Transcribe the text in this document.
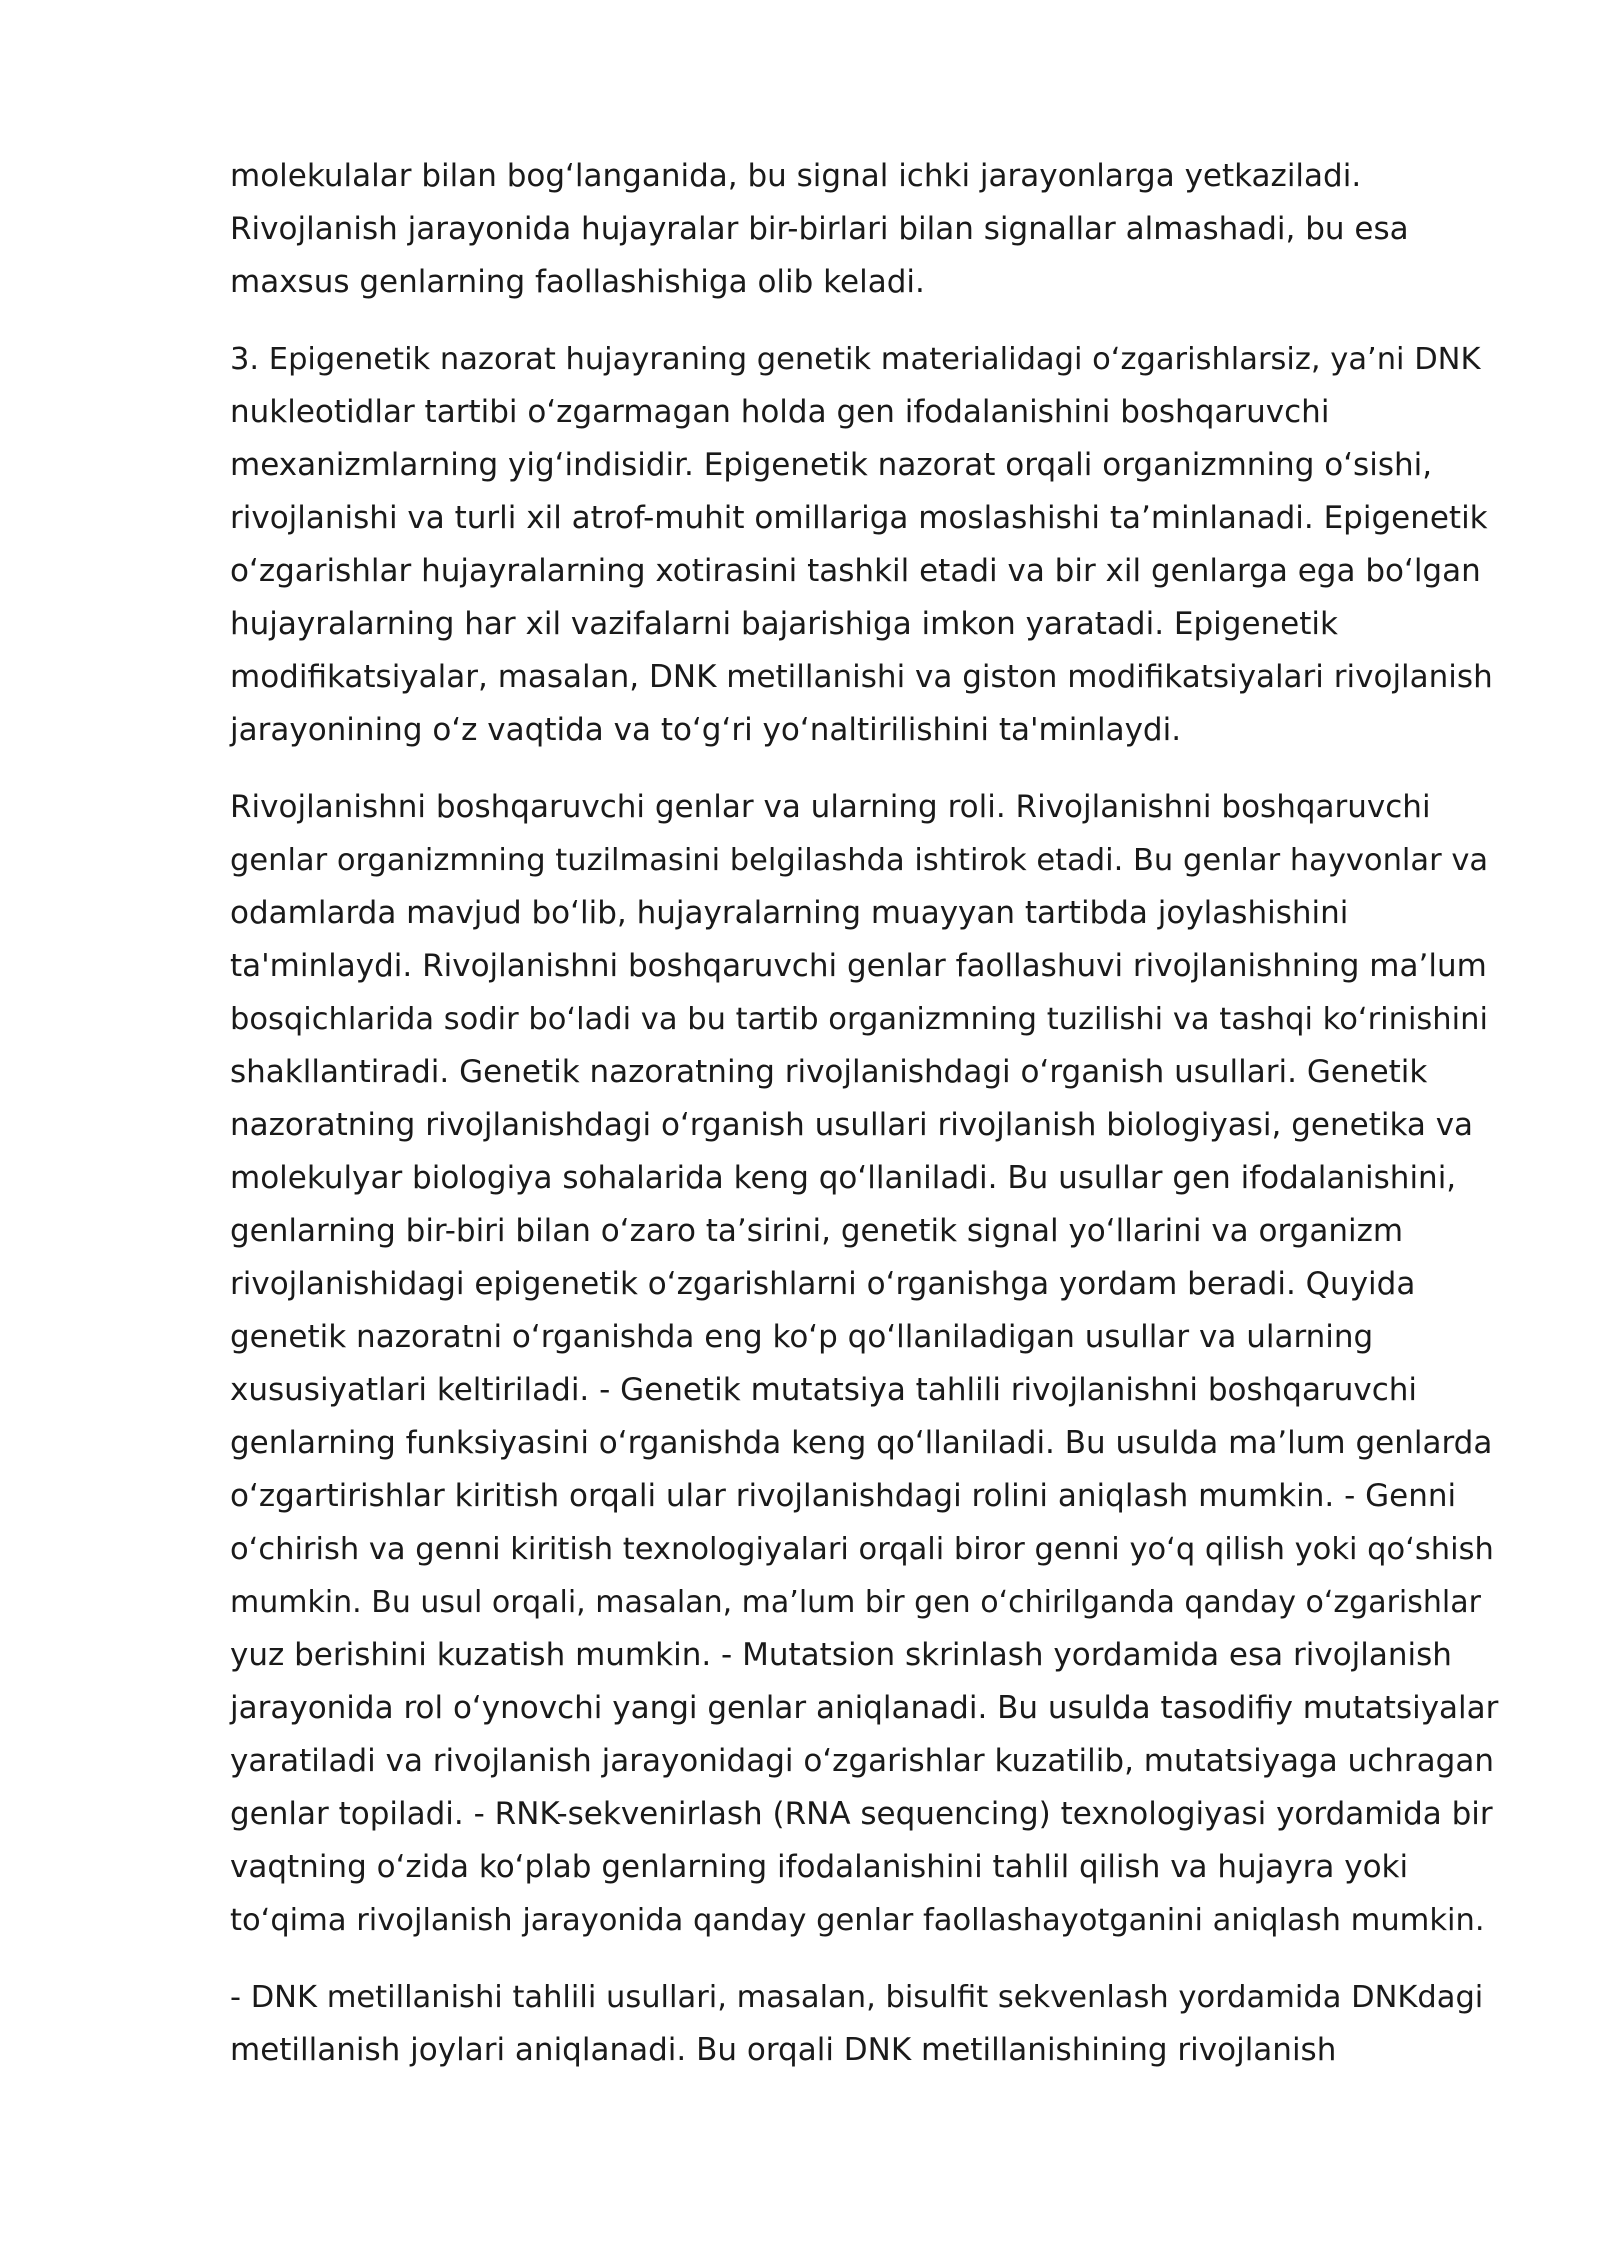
molekulalar bilan bogʻlanganida, bu signal ichki jarayonlarga yetkaziladi.
Rivojlanish jarayonida hujayralar bir-birlari bilan signallar almashadi, bu esa
maxsus genlarning faollashishiga olib keladi.
3. Epigenetik nazorat hujayraning genetik materialidagi oʻzgarishlarsiz, yaʼni DNK
nukleotidlar tartibi oʻzgarmagan holda gen ifodalanishini boshqaruvchi
mexanizmlarning yigʻindisidir. Epigenetik nazorat orqali organizmning oʻsishi,
rivojlanishi va turli xil atrof-muhit omillariga moslashishi taʼminlanadi. Epigenetik
oʻzgarishlar hujayralarning xotirasini tashkil etadi va bir xil genlarga ega boʻlgan
hujayralarning har xil vazifalarni bajarishiga imkon yaratadi. Epigenetik
modifikatsiyalar, masalan, DNK metillanishi va giston modifikatsiyalari rivojlanish
jarayonining oʻz vaqtida va toʻgʻri yoʻnaltirilishini ta'minlaydi.
Rivojlanishni boshqaruvchi genlar va ularning roli. Rivojlanishni boshqaruvchi
genlar organizmning tuzilmasini belgilashda ishtirok etadi. Bu genlar hayvonlar va
odamlarda mavjud boʻlib, hujayralarning muayyan tartibda joylashishini
ta'minlaydi. Rivojlanishni boshqaruvchi genlar faollashuvi rivojlanishning maʼlum
bosqichlarida sodir boʻladi va bu tartib organizmning tuzilishi va tashqi koʻrinishini
shakllantiradi. Genetik nazoratning rivojlanishdagi oʻrganish usullari. Genetik
nazoratning rivojlanishdagi oʻrganish usullari rivojlanish biologiyasi, genetika va
molekulyar biologiya sohalarida keng qoʻllaniladi. Bu usullar gen ifodalanishini,
genlarning bir-biri bilan oʻzaro taʼsirini, genetik signal yoʻllarini va organizm
rivojlanishidagi epigenetik oʻzgarishlarni oʻrganishga yordam beradi. Quyida
genetik nazoratni oʻrganishda eng koʻp qoʻllaniladigan usullar va ularning
xususiyatlari keltiriladi. - Genetik mutatsiya tahlili rivojlanishni boshqaruvchi
genlarning funksiyasini oʻrganishda keng qoʻllaniladi. Bu usulda maʼlum genlarda
oʻzgartirishlar kiritish orqali ular rivojlanishdagi rolini aniqlash mumkin. - Genni
oʻchirish va genni kiritish texnologiyalari orqali biror genni yoʻq qilish yoki qoʻshish
mumkin. Bu usul orqali, masalan, maʼlum bir gen oʻchirilganda qanday oʻzgarishlar
yuz berishini kuzatish mumkin. - Mutatsion skrinlash yordamida esa rivojlanish
jarayonida rol oʻynovchi yangi genlar aniqlanadi. Bu usulda tasodifiy mutatsiyalar
yaratiladi va rivojlanish jarayonidagi oʻzgarishlar kuzatilib, mutatsiyaga uchragan
genlar topiladi. - RNK-sekvenirlash (RNA sequencing) texnologiyasi yordamida bir
vaqtning oʻzida koʻplab genlarning ifodalanishini tahlil qilish va hujayra yoki
toʻqima rivojlanish jarayonida qanday genlar faollashayotganini aniqlash mumkin.
- DNK metillanishi tahlili usullari, masalan, bisulfit sekvenlash yordamida DNKdagi
metillanish joylari aniqlanadi. Bu orqali DNK metillanishining rivojlanish
